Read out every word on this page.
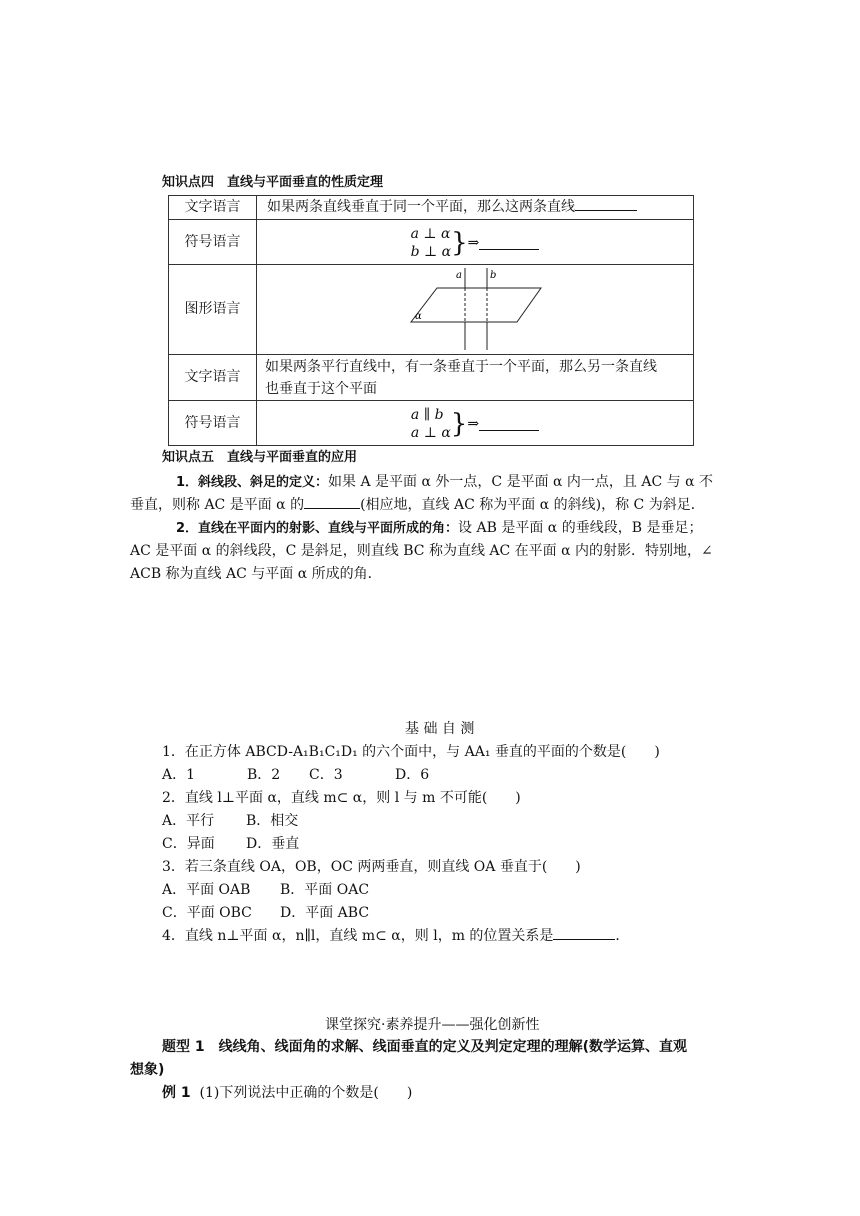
知识点四　直线与平面垂直的性质定理
文字语言	如果两条直线垂直于同一个平面，那么这两条直线
符号语言	a ⊥ α
b ⊥ α } ⇒

图形语言	a b
α

文字语言	如果两条平行直线中，有一条垂直于一个平面，那么另一条直线
也垂直于这个平面
符号语言	a ∥ b
a ⊥ α } ⇒
知识点五　直线与平面垂直的应用
1．斜线段、斜足的定义：如果 A 是平面 α 外一点，C 是平面 α 内一点，且 AC 与 α 不
垂直，则称 AC 是平面 α 的	(相应地，直线 AC 称为平面 α 的斜线)，称 C 为斜足．
2．直线在平面内的射影、直线与平面所成的角：设 AB 是平面 α 的垂线段，B 是垂足；
AC 是平面 α 的斜线段，C 是斜足，则直线 BC 称为直线 AC 在平面 α 内的射影．特别地，∠
ACB 称为直线 AC 与平面 α 所成的角．
基 础 自 测
1．在正方体 ABCD-A₁B₁C₁D₁ 的六个面中，与 AA₁ 垂直的平面的个数是(　　)
A．1	B．2 C．3	D．6
2．直线 l⊥平面 α，直线 m⊂ α，则 l 与 m 不可能(　　)
A．平行 B．相交
C．异面 D．垂直
3．若三条直线 OA，OB，OC 两两垂直，则直线 OA 垂直于(　　)
A．平面 OAB B．平面 OAC
C．平面 OBC D．平面 ABC
4．直线 n⊥平面 α，n∥l，直线 m⊂ α，则 l，m 的位置关系是	．
课堂探究·素养提升——强化创新性
题型 1　线线角、线面角的求解、线面垂直的定义及判定定理的理解(数学运算、直观
想象)
例 1 (1)下列说法中正确的个数是(　　)
